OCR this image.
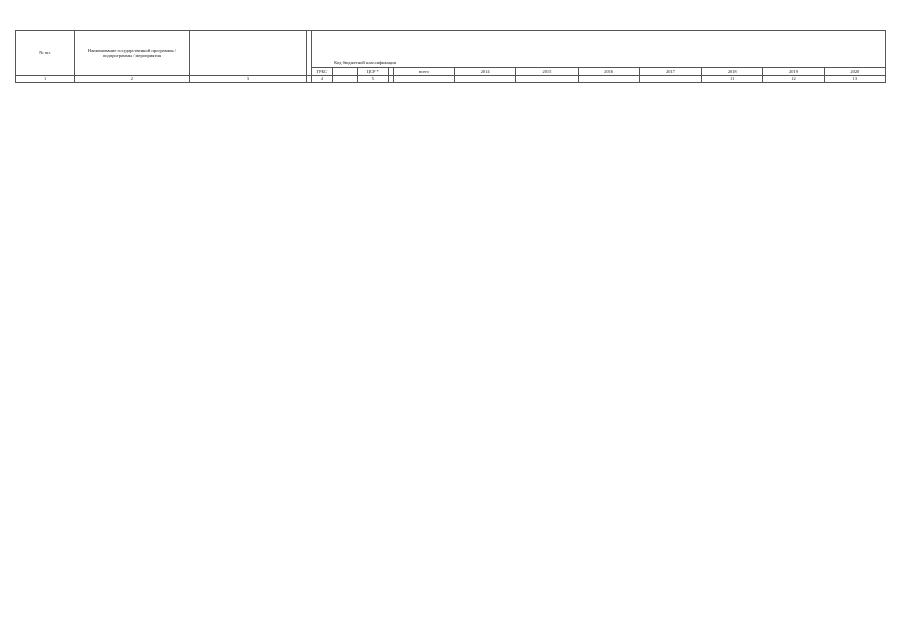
№ пп.	Наименование государственной программы / подпрограммы / мероприятия			Код бюджетной классификации											
				ГРБС		ЦСР *		всего	2014	2015	2016	2017	2018	2019	2020
1	2	3		4		5							11	12	13
